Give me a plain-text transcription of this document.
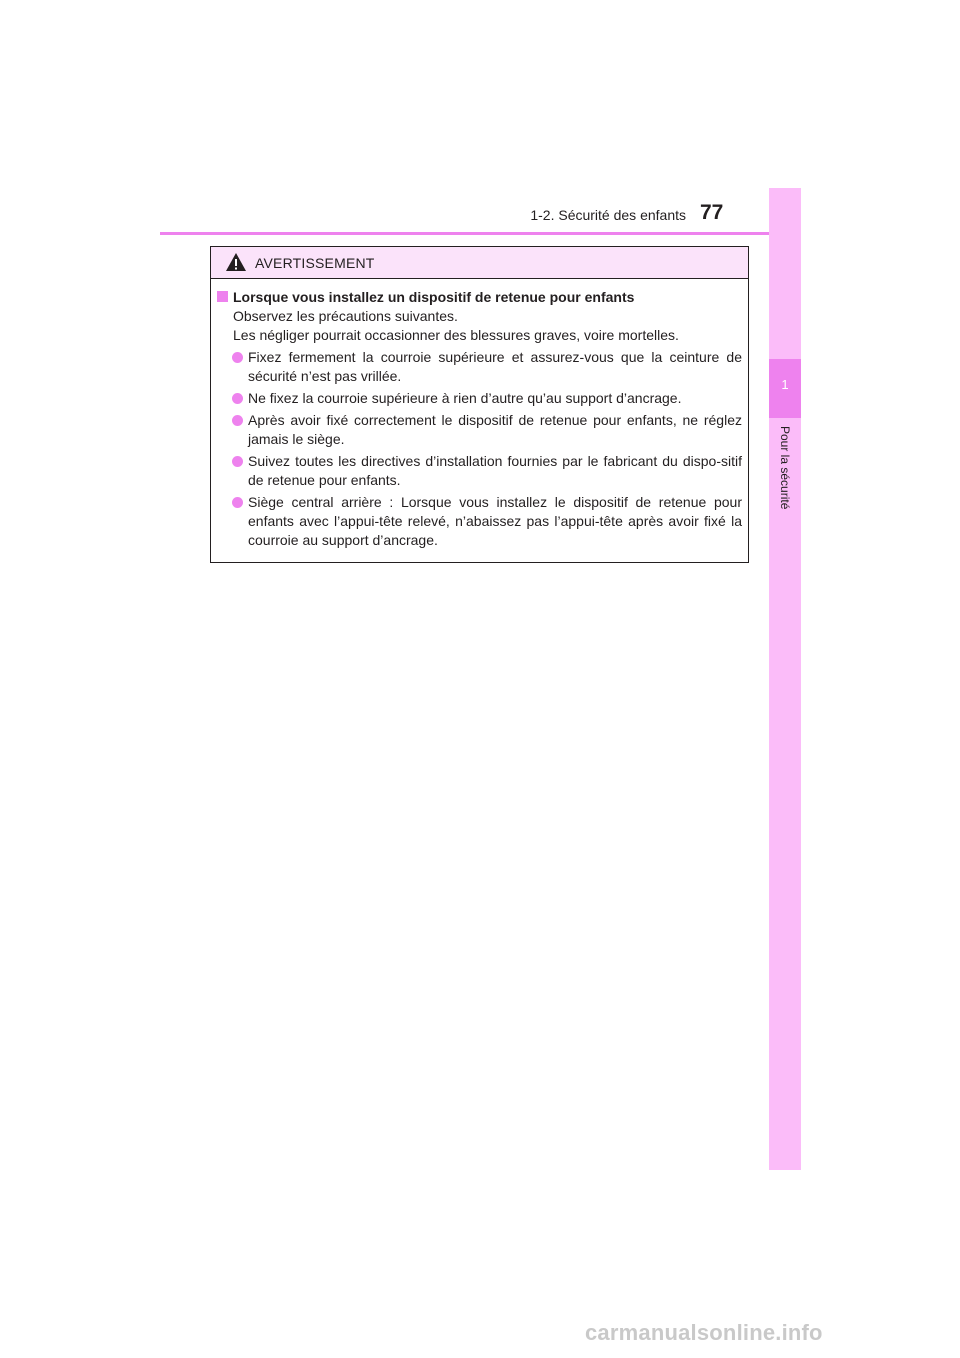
1-2. Sécurité des enfants 77
1
Pour la sécurité
AVERTISSEMENT
Lorsque vous installez un dispositif de retenue pour enfants
Observez les précautions suivantes.
Les négliger pourrait occasionner des blessures graves, voire mortelles.
Fixez fermement la courroie supérieure et assurez-vous que la ceinture de sécurité n’est pas vrillée.
Ne fixez la courroie supérieure à rien d’autre qu’au support d’ancrage.
Après avoir fixé correctement le dispositif de retenue pour enfants, ne réglez jamais le siège.
Suivez toutes les directives d’installation fournies par le fabricant du dispo-sitif de retenue pour enfants.
Siège central arrière : Lorsque vous installez le dispositif de retenue pour enfants avec l’appui-tête relevé, n’abaissez pas l’appui-tête après avoir fixé la courroie au support d’ancrage.
carmanualsonline.info
